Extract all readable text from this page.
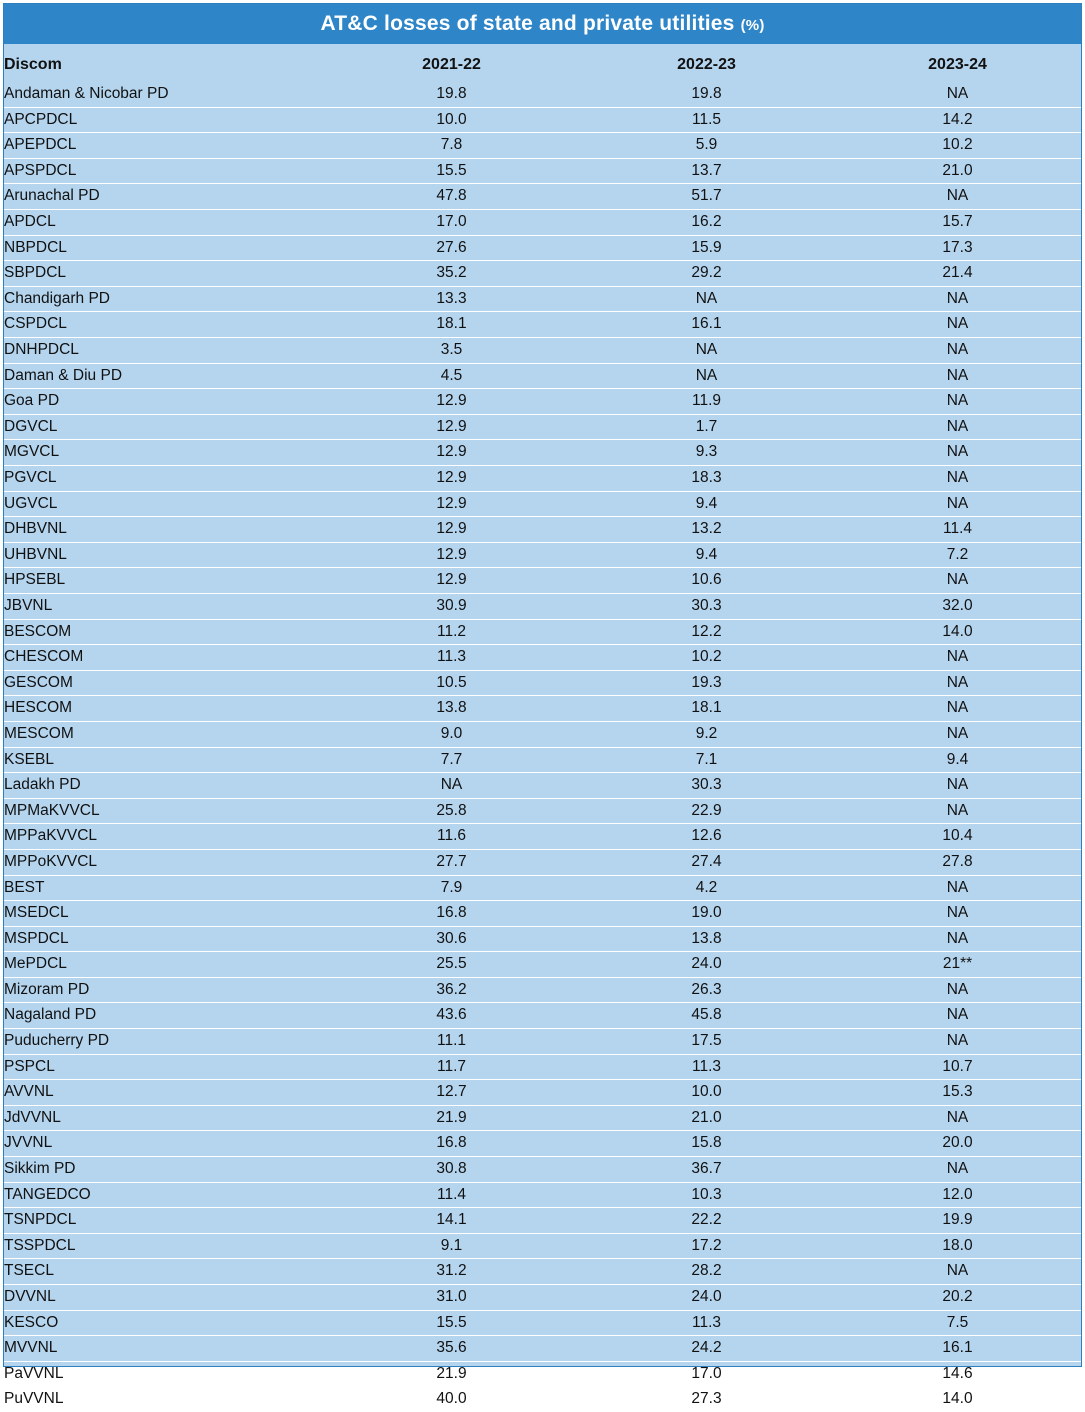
AT&C losses of state and private utilities (%)
Discom	2021-22	2022-23	2023-24
Andaman & Nicobar PD	19.8	19.8	NA
APCPDCL	10.0	11.5	14.2
APEPDCL	7.8	5.9	10.2
APSPDCL	15.5	13.7	21.0
Arunachal PD	47.8	51.7	NA
APDCL	17.0	16.2	15.7
NBPDCL	27.6	15.9	17.3
SBPDCL	35.2	29.2	21.4
Chandigarh PD	13.3	NA	NA
CSPDCL	18.1	16.1	NA
DNHPDCL	3.5	NA	NA
Daman & Diu PD	4.5	NA	NA
Goa PD	12.9	11.9	NA
DGVCL	12.9	1.7	NA
MGVCL	12.9	9.3	NA
PGVCL	12.9	18.3	NA
UGVCL	12.9	9.4	NA
DHBVNL	12.9	13.2	11.4
UHBVNL	12.9	9.4	7.2
HPSEBL	12.9	10.6	NA
JBVNL	30.9	30.3	32.0
BESCOM	11.2	12.2	14.0
CHESCOM	11.3	10.2	NA
GESCOM	10.5	19.3	NA
HESCOM	13.8	18.1	NA
MESCOM	9.0	9.2	NA
KSEBL	7.7	7.1	9.4
Ladakh PD	NA	30.3	NA
MPMaKVVCL	25.8	22.9	NA
MPPaKVVCL	11.6	12.6	10.4
MPPoKVVCL	27.7	27.4	27.8
BEST	7.9	4.2	NA
MSEDCL	16.8	19.0	NA
MSPDCL	30.6	13.8	NA
MePDCL	25.5	24.0	21**
Mizoram PD	36.2	26.3	NA
Nagaland PD	43.6	45.8	NA
Puducherry PD	11.1	17.5	NA
PSPCL	11.7	11.3	10.7
AVVNL	12.7	10.0	15.3
JdVVNL	21.9	21.0	NA
JVVNL	16.8	15.8	20.0
Sikkim PD	30.8	36.7	NA
TANGEDCO	11.4	10.3	12.0
TSNPDCL	14.1	22.2	19.9
TSSPDCL	9.1	17.2	18.0
TSECL	31.2	28.2	NA
DVVNL	31.0	24.0	20.2
KESCO	15.5	11.3	7.5
MVVNL	35.6	24.2	16.1
PaVVNL	21.9	17.0	14.6
PuVVNL	40.0	27.3	14.0
